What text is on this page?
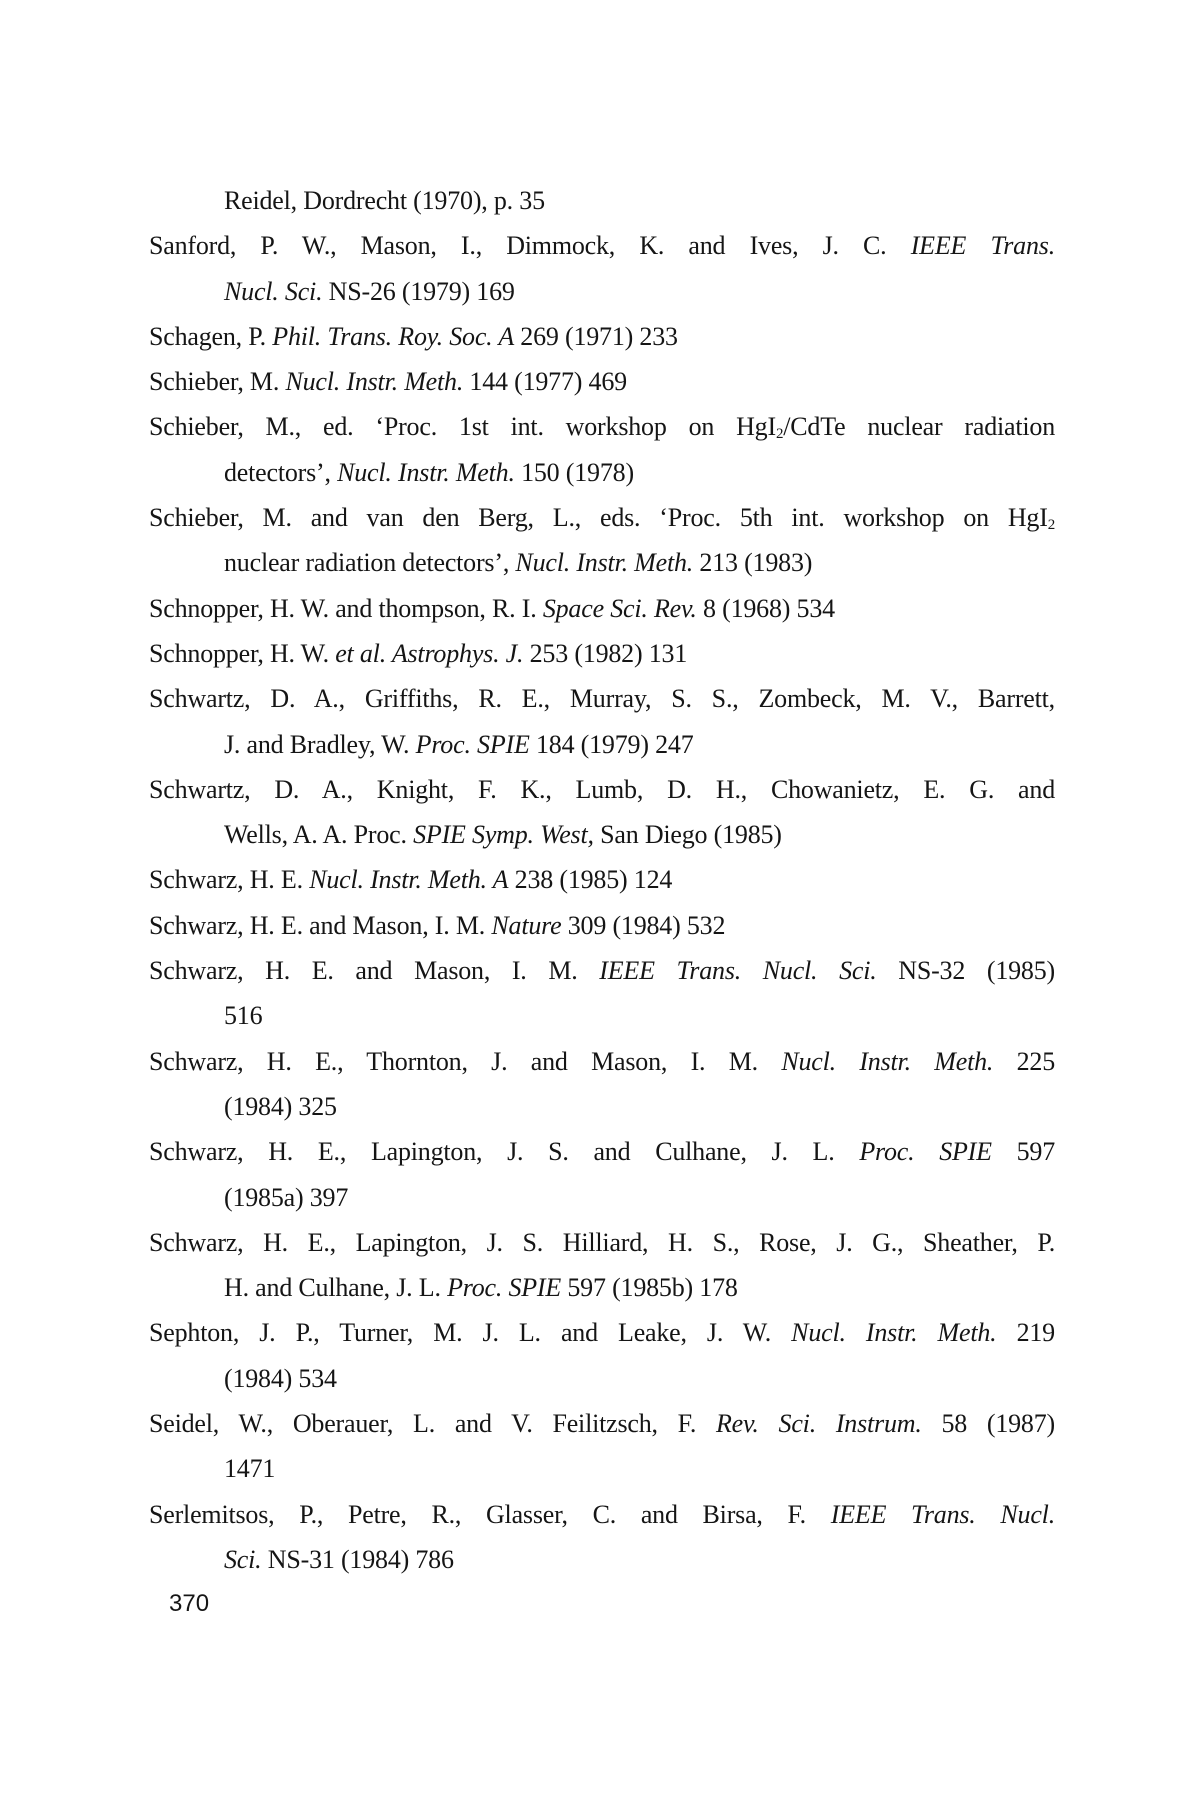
Reidel, Dordrecht (1970), p. 35
Sanford, P. W., Mason, I., Dimmock, K. and Ives, J. C. IEEE Trans.
Nucl. Sci. NS-26 (1979) 169
Schagen, P. Phil. Trans. Roy. Soc. A 269 (1971) 233
Schieber, M. Nucl. Instr. Meth. 144 (1977) 469
Schieber, M., ed. ‘Proc. 1st int. workshop on HgI$_2$/CdTe nuclear radiation
detectors’, Nucl. Instr. Meth. 150 (1978)
Schieber, M. and van den Berg, L., eds. ‘Proc. 5th int. workshop on HgI$_2$
nuclear radiation detectors’, Nucl. Instr. Meth. 213 (1983)
Schnopper, H. W. and thompson, R. I. Space Sci. Rev. 8 (1968) 534
Schnopper, H. W. et al. Astrophys. J. 253 (1982) 131
Schwartz, D. A., Griffiths, R. E., Murray, S. S., Zombeck, M. V., Barrett,
J. and Bradley, W. Proc. SPIE 184 (1979) 247
Schwartz, D. A., Knight, F. K., Lumb, D. H., Chowanietz, E. G. and
Wells, A. A. Proc. SPIE Symp. West, San Diego (1985)
Schwarz, H. E. Nucl. Instr. Meth. A 238 (1985) 124
Schwarz, H. E. and Mason, I. M. Nature 309 (1984) 532
Schwarz, H. E. and Mason, I. M. IEEE Trans. Nucl. Sci. NS-32 (1985)
516
Schwarz, H. E., Thornton, J. and Mason, I. M. Nucl. Instr. Meth. 225
(1984) 325
Schwarz, H. E., Lapington, J. S. and Culhane, J. L. Proc. SPIE 597
(1985a) 397
Schwarz, H. E., Lapington, J. S. Hilliard, H. S., Rose, J. G., Sheather, P.
H. and Culhane, J. L. Proc. SPIE 597 (1985b) 178
Sephton, J. P., Turner, M. J. L. and Leake, J. W. Nucl. Instr. Meth. 219
(1984) 534
Seidel, W., Oberauer, L. and V. Feilitzsch, F. Rev. Sci. Instrum. 58 (1987)
1471
Serlemitsos, P., Petre, R., Glasser, C. and Birsa, F. IEEE Trans. Nucl.
Sci. NS-31 (1984) 786
370
